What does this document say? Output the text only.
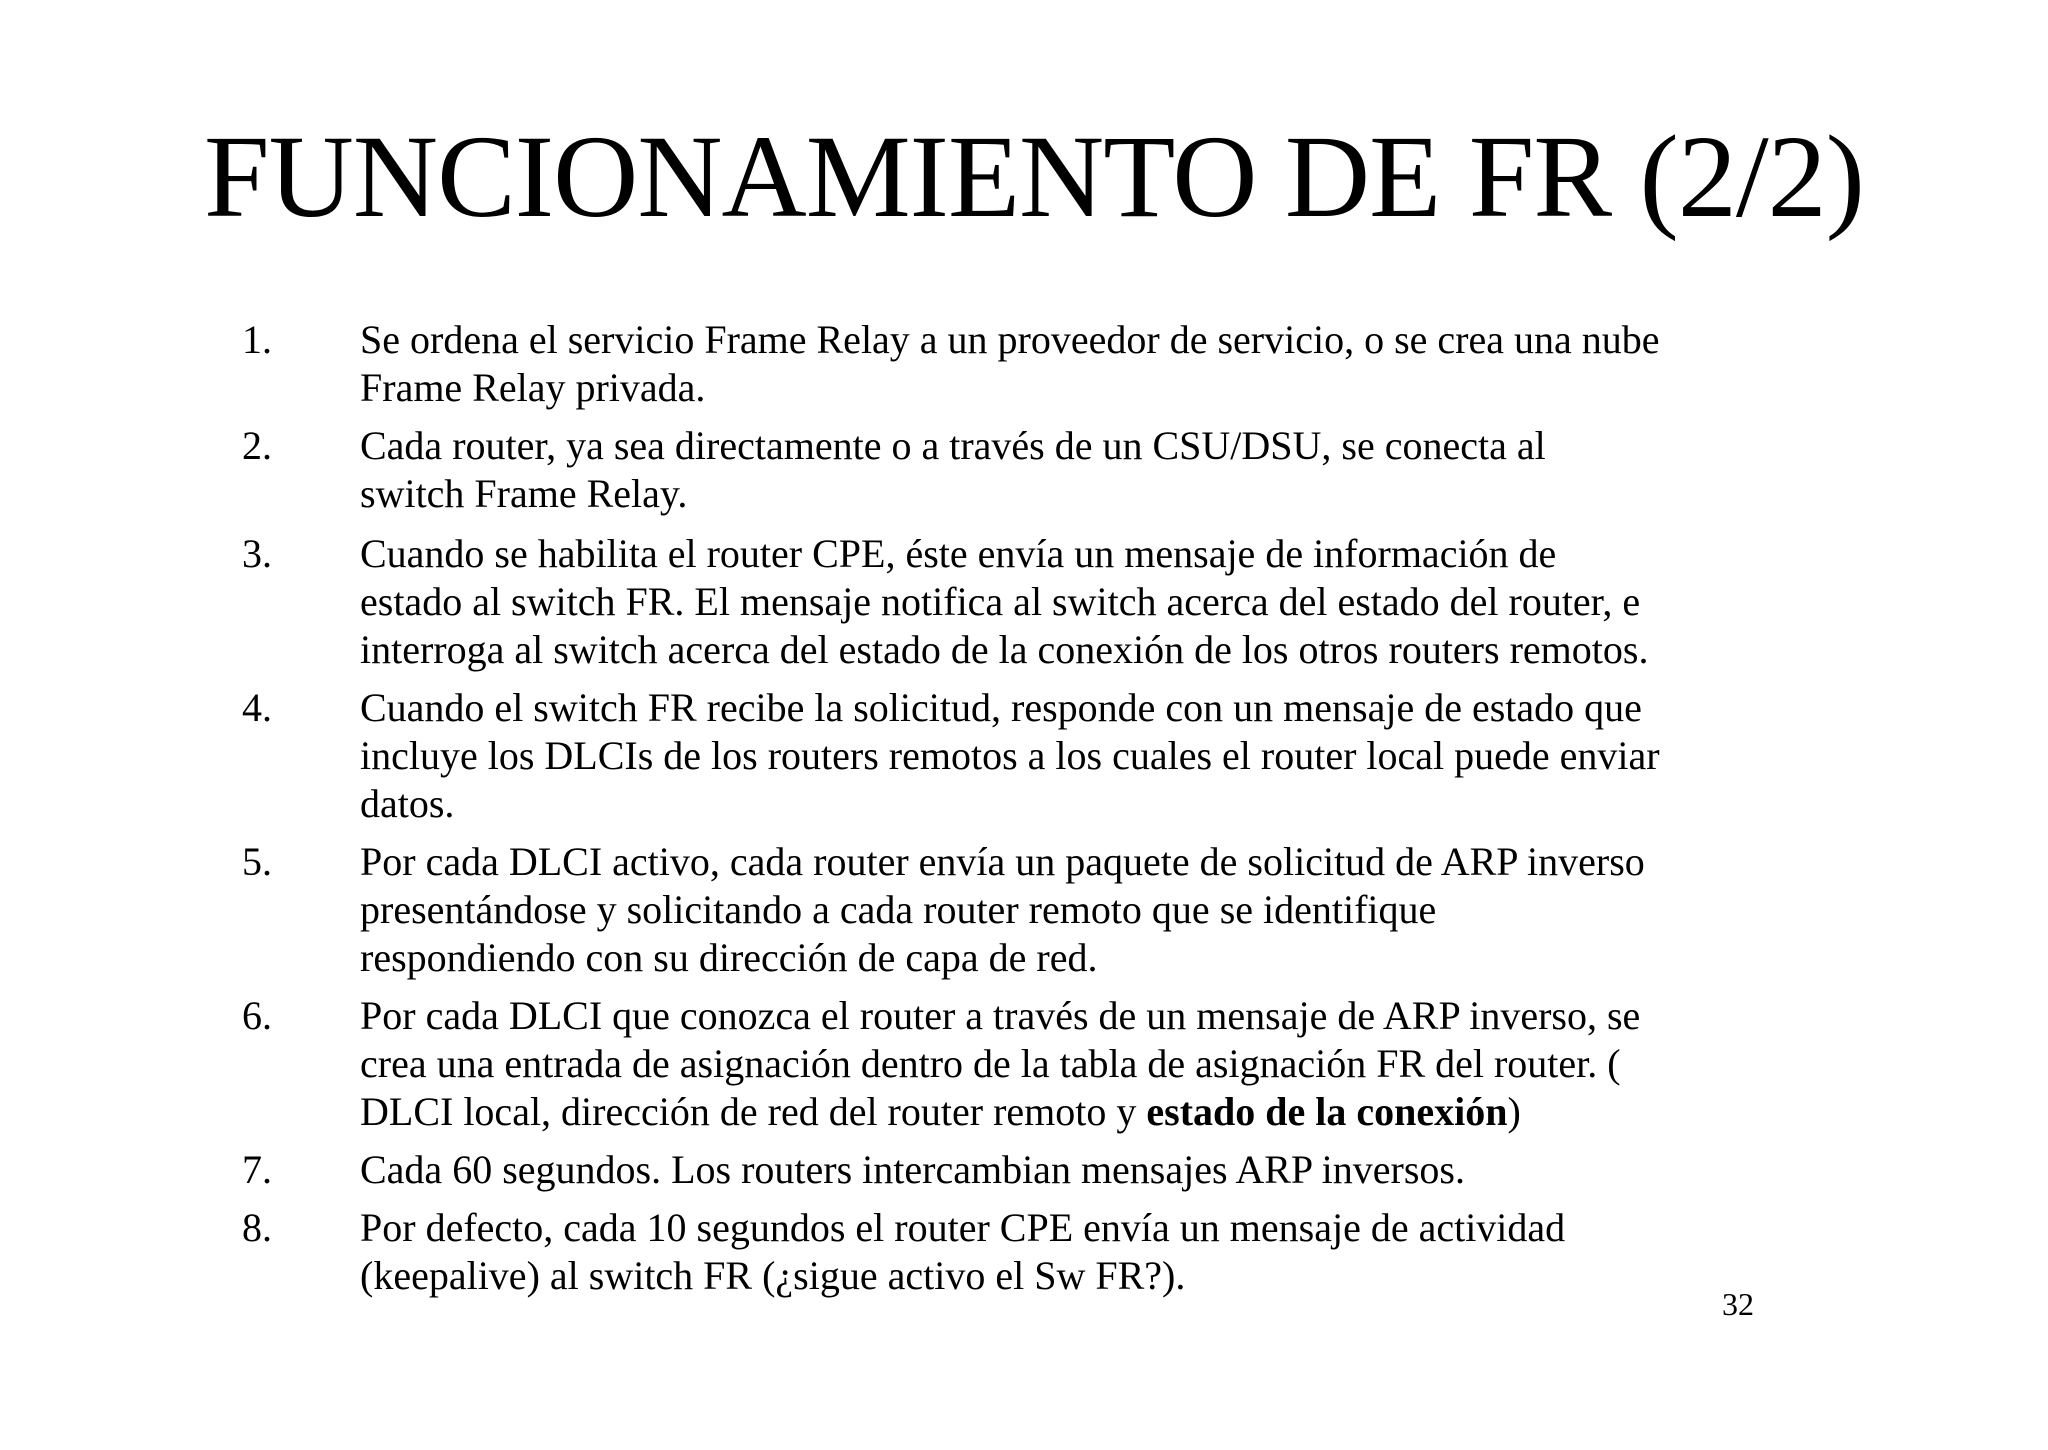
FUNCIONAMIENTO DE FR (2/2)
1. Se ordena el servicio Frame Relay a un proveedor de servicio, o se crea una nube
Frame Relay privada.
2. Cada router, ya sea directamente o a través de un CSU/DSU, se conecta al
switch Frame Relay.
3. Cuando se habilita el router CPE, éste envía un mensaje de información de
estado al switch FR. El mensaje notifica al switch acerca del estado del router, e
interroga al switch acerca del estado de la conexión de los otros routers remotos.
4. Cuando el switch FR recibe la solicitud, responde con un mensaje de estado que
incluye los DLCIs de los routers remotos a los cuales el router local puede enviar
datos.
5. Por cada DLCI activo, cada router envía un paquete de solicitud de ARP inverso
presentándose y solicitando a cada router remoto que se identifique
respondiendo con su dirección de capa de red.
6. Por cada DLCI que conozca el router a través de un mensaje de ARP inverso, se
crea una entrada de asignación dentro de la tabla de asignación FR del router. (
DLCI local, dirección de red del router remoto y estado de la conexión)
7. Cada 60 segundos. Los routers intercambian mensajes ARP inversos.
8. Por defecto, cada 10 segundos el router CPE envía un mensaje de actividad
(keepalive) al switch FR (¿sigue activo el Sw FR?).
32
